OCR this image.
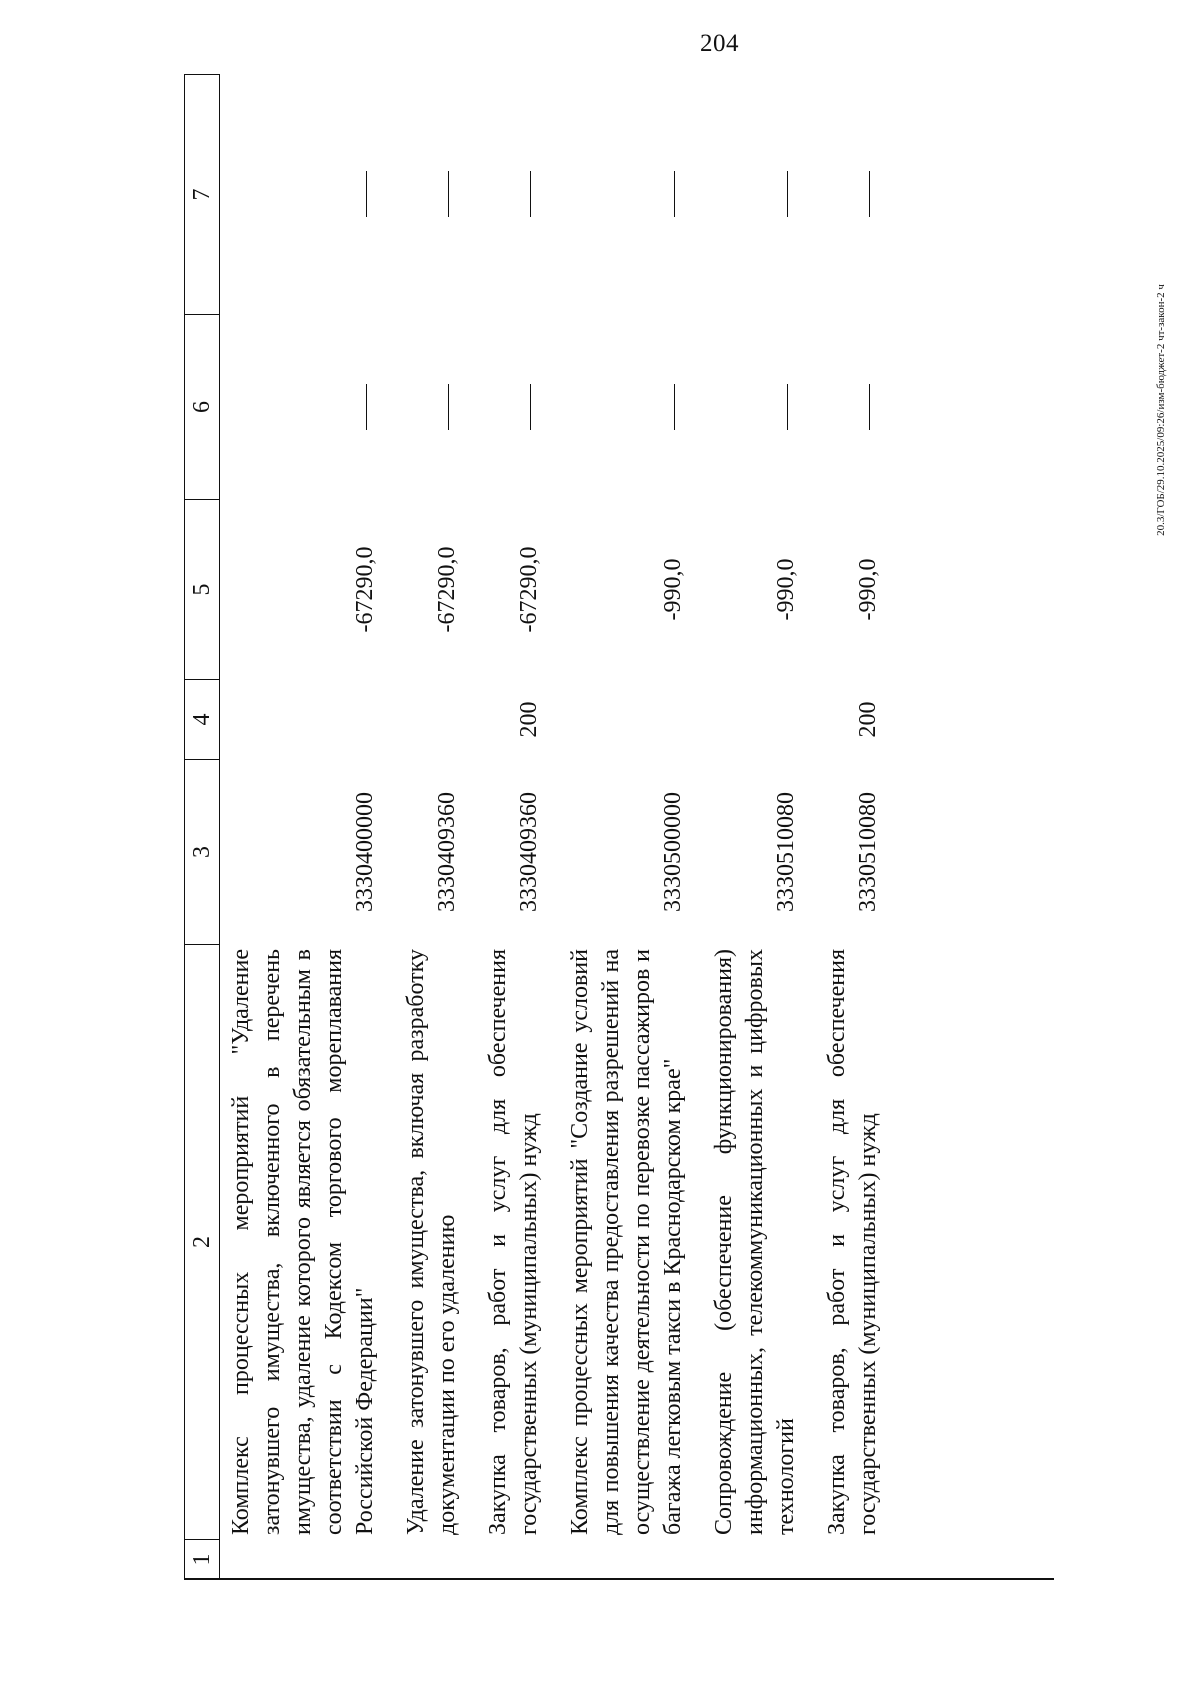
204
20.3/ГОБ/29.10.2025/09:26/изм-бюджет-2 чт-закон-2 ч
1	2	3	4	5	6	7
	Комплекс процессных мероприятий "Удаление затонувшего имущества, включенного в перечень имущества, удаление которого является обязательным в соответствии с Кодексом торгового мореплавания Российской Федерации"	3330400000		-67290,0		
	Удаление затонувшего имущества, включая разработку документации по его удалению	3330409360		-67290,0		
	Закупка товаров, работ и услуг для обеспечения государственных (муниципальных) нужд	3330409360	200	-67290,0		
	Комплекс процессных мероприятий "Создание условий для повышения качества предоставления разрешений на осуществление деятельности по перевозке пассажиров и багажа легковым такси в Краснодарском крае"	3330500000		-990,0		
	Сопровождение (обеспечение функционирования) информационных, телекоммуникационных и цифровых технологий	3330510080		-990,0		
	Закупка товаров, работ и услуг для обеспечения государственных (муниципальных) нужд	3330510080	200	-990,0		
